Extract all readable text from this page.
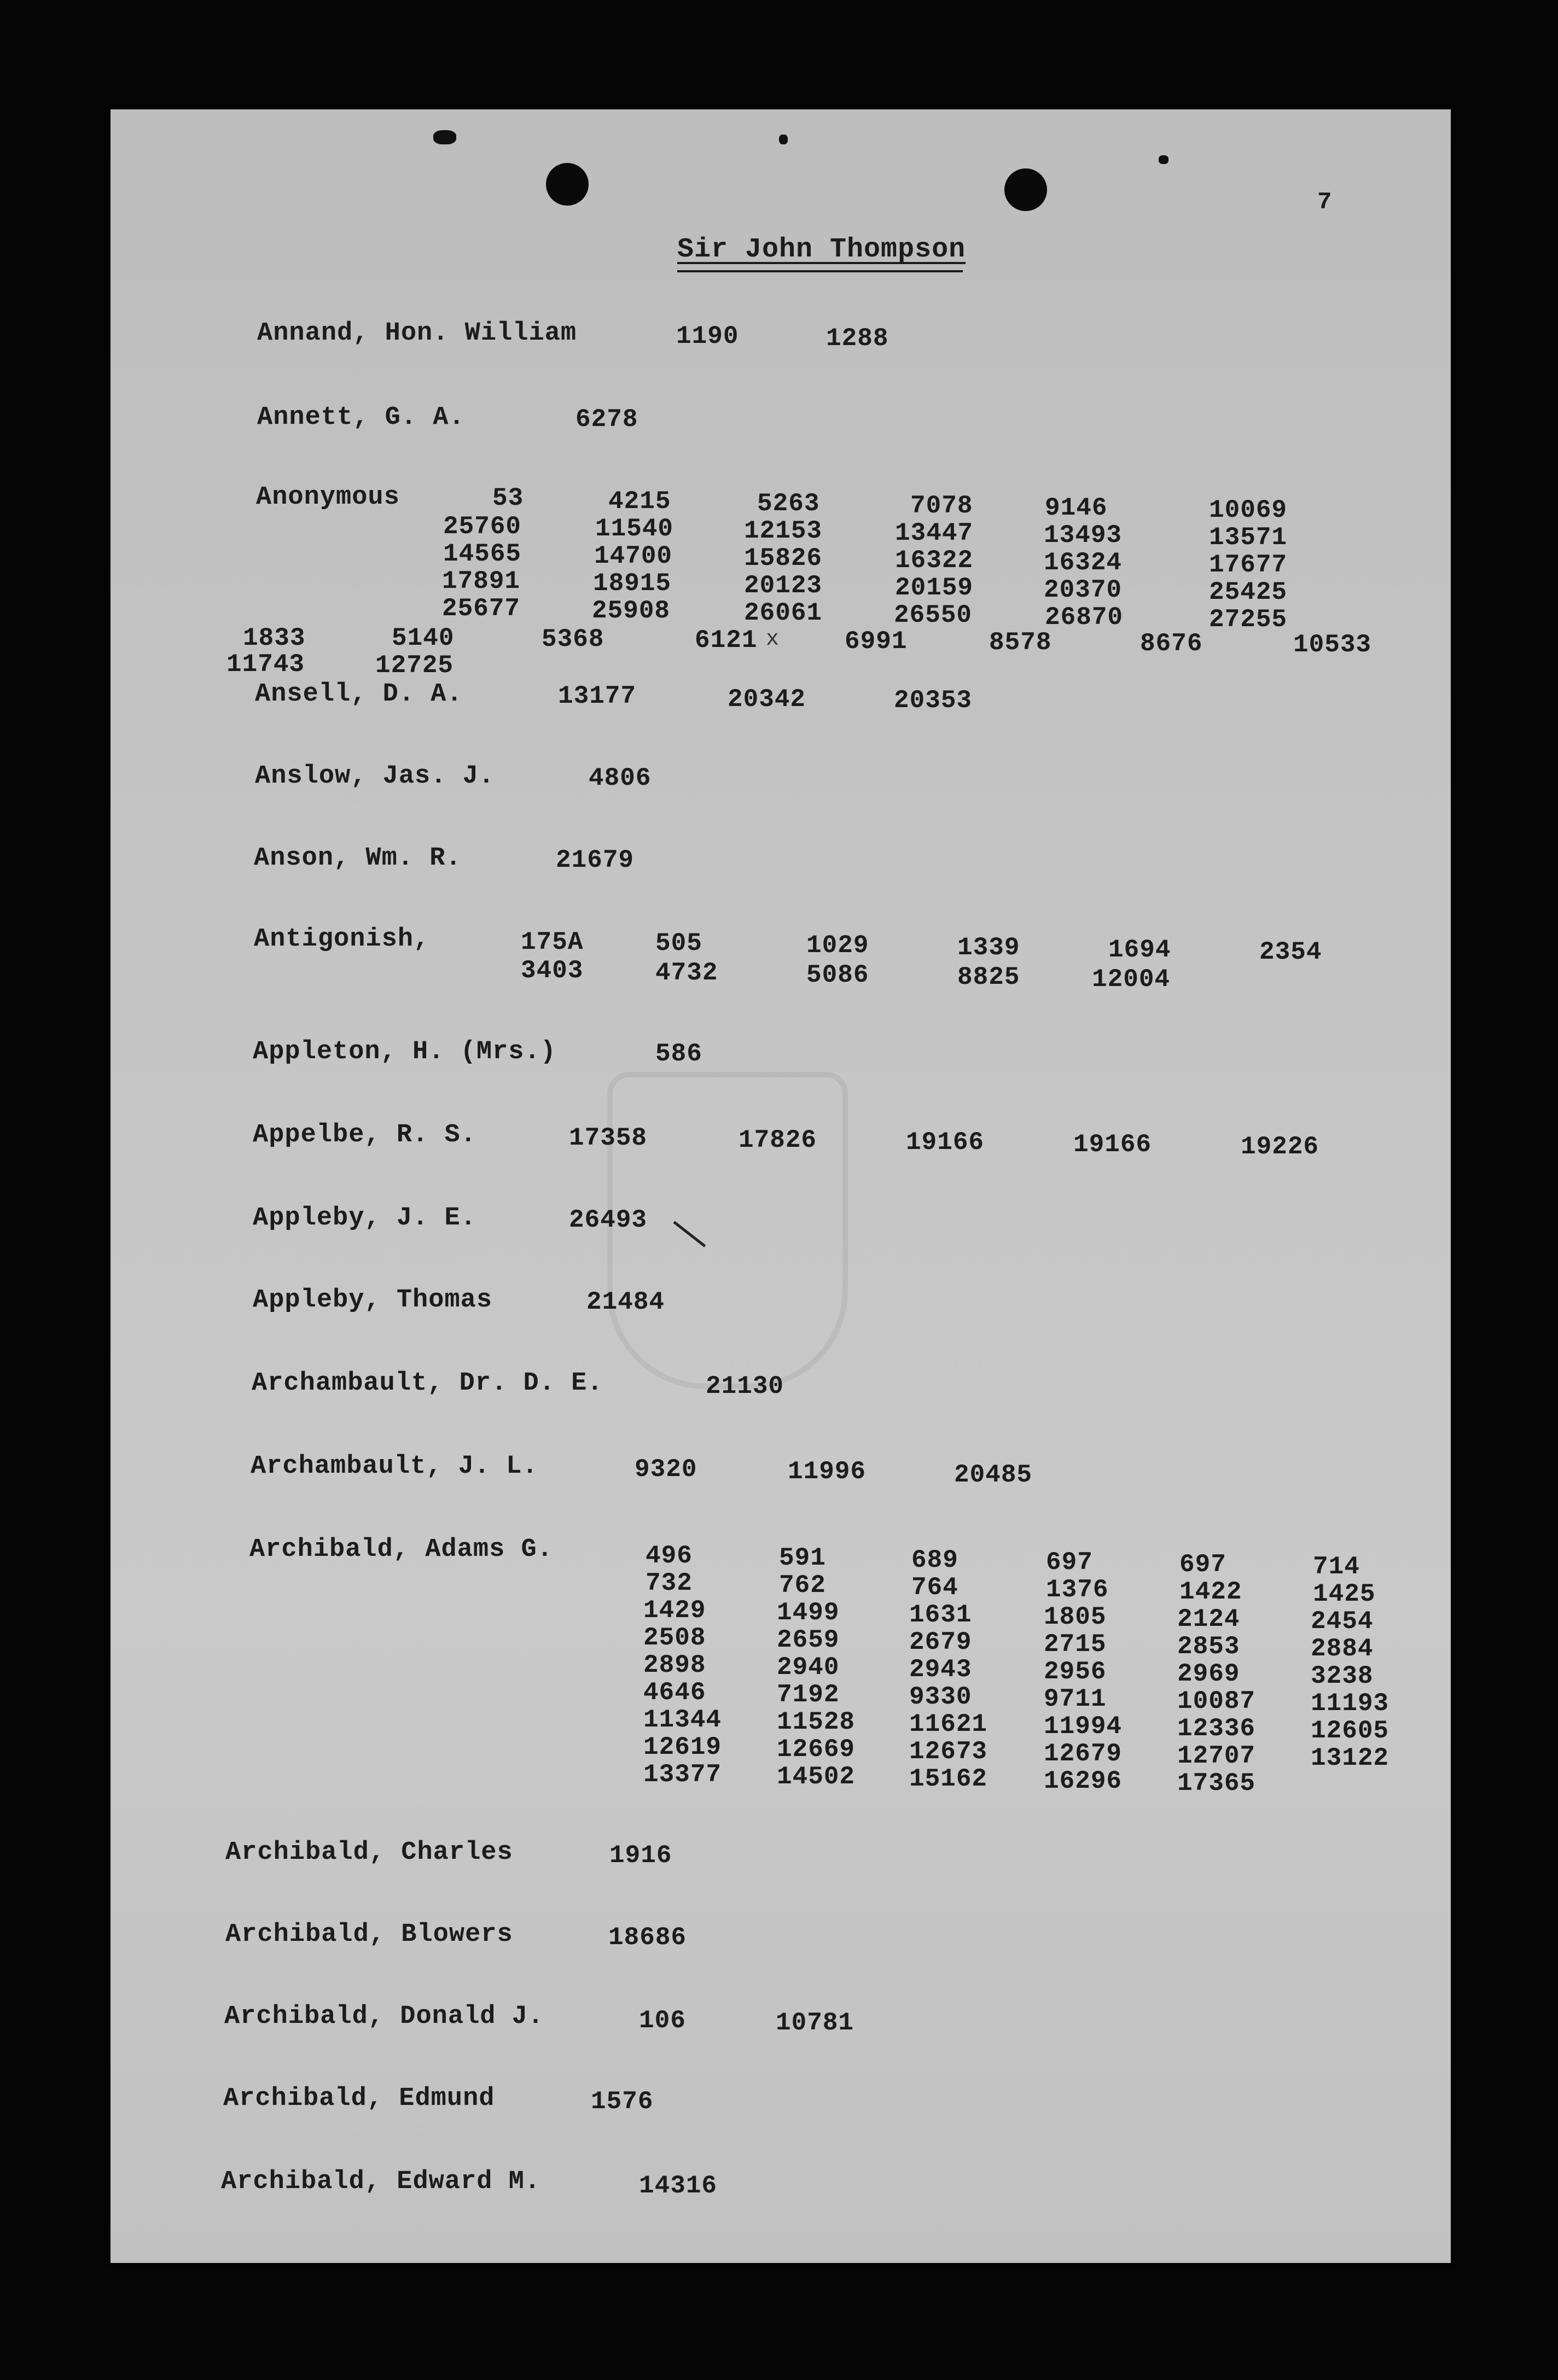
Sir John Thompson
7
Annand, Hon. William	1190	1288
Annett, G. A.	6278
Anonymous	53	4215	5263	7078	9146	10069
25760	11540	12153	13447	13493	13571
14565	14700	15826	16322	16324	17677
17891	18915	20123	20159	20370	25425
25677	25908	26061	26550	26870	27255
1833	5140	5368	6121	6991	8578	8676	10533
11743	12725
Ansell, D. A.	13177	20342	20353
Anslow, Jas. J.	4806
Anson, Wm. R.	21679
Antigonish,	175A	505	1029	1339	1694	2354
3403	4732	5086	8825	12004
Appleton, H. (Mrs.)	586
Appelbe, R. S.	17358	17826	19166	19166	19226
Appleby, J. E.	26493
Appleby, Thomas	21484
Archambault, Dr. D. E.	21130
Archambault, J. L.	9320	11996	20485
Archibald, Adams G.	496	591	689	697	697	714
732	762	764	1376	1422	1425
1429	1499	1631	1805	2124	2454
2508	2659	2679	2715	2853	2884
2898	2940	2943	2956	2969	3238
4646	7192	9330	9711	10087 11193
11344 11528 11621 11994 12336 12605
12619 12669 12673 12679 12707 13122
13377 14502 15162 16296 17365
Archibald, Charles	1916
Archibald, Blowers	18686
Archibald, Donald J.	106	10781
Archibald, Edmund	1576
Archibald, Edward M.	14316
x
